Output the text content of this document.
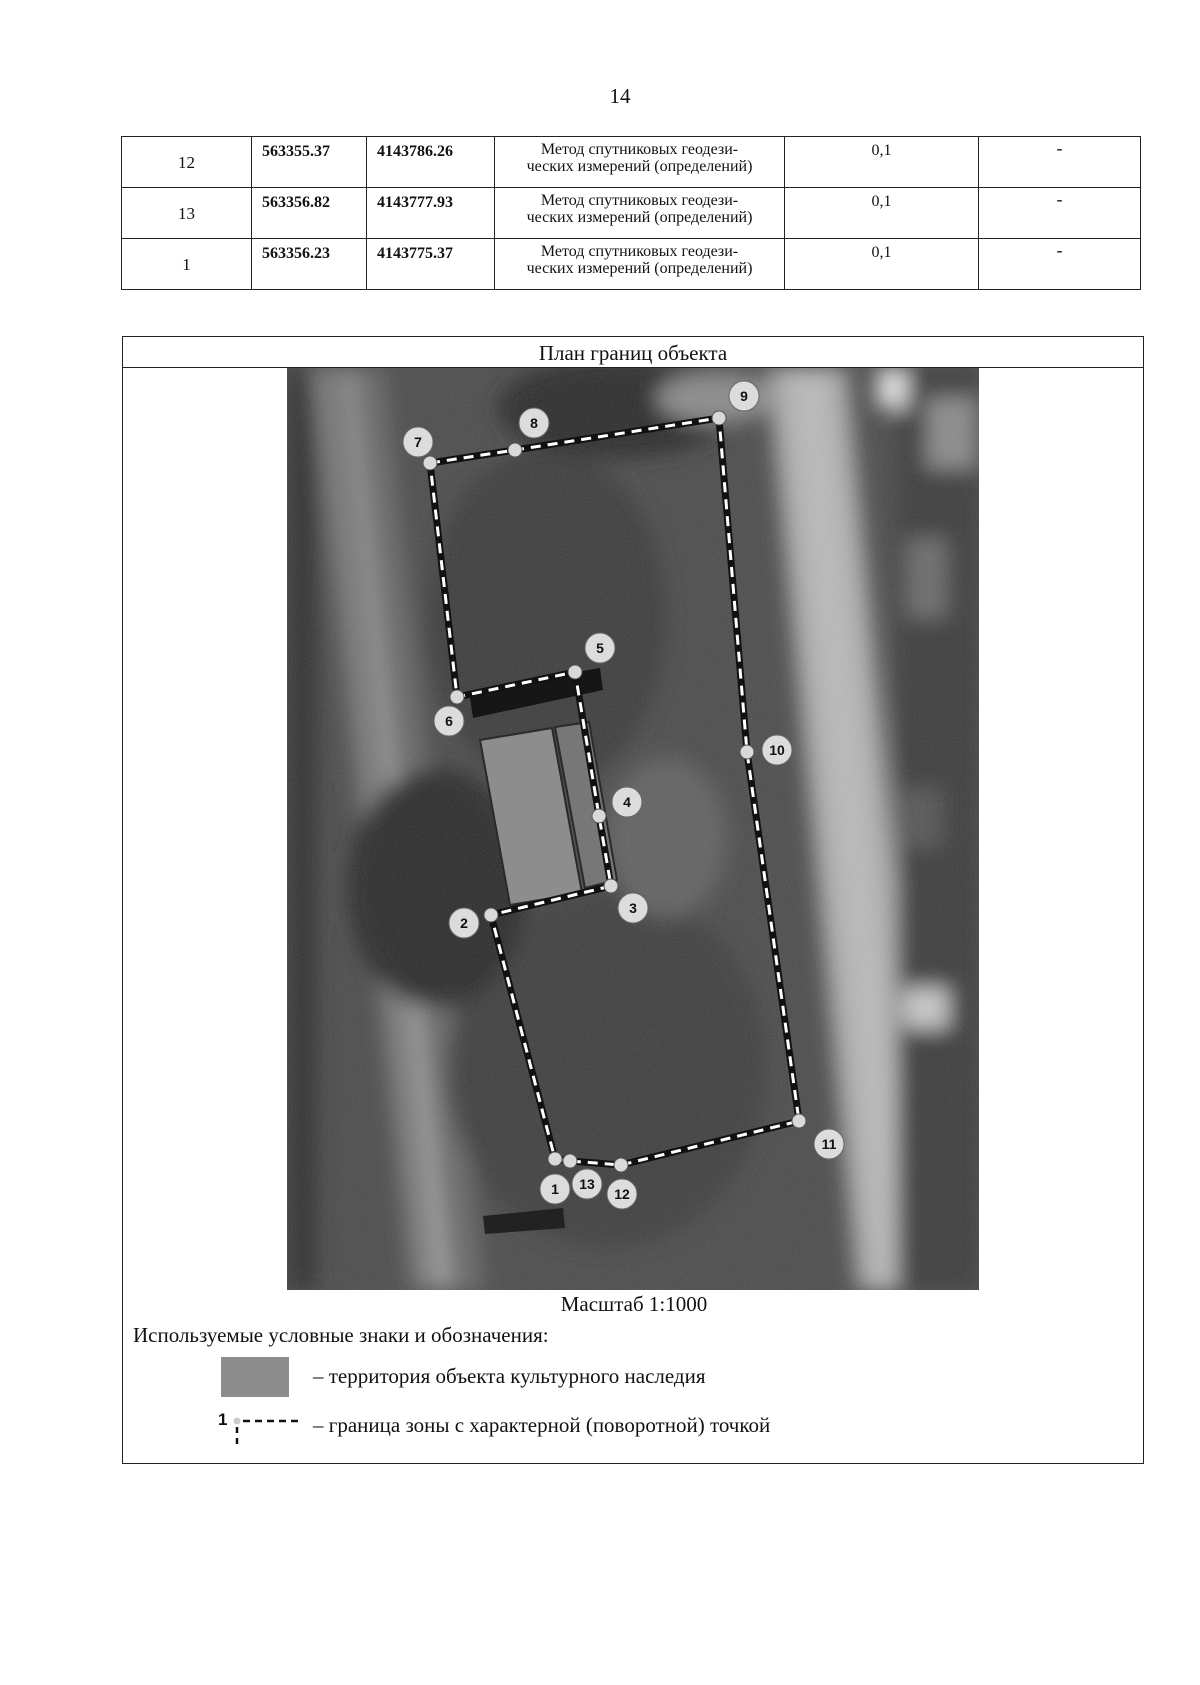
14
12	563355.37	4143786.26	Метод спутниковых геодези-
ческих измерений (определений)	0,1	-
13	563356.82	4143777.93	Метод спутниковых геодези-
ческих измерений (определений)	0,1	-
1	563356.23	4143775.37	Метод спутниковых геодези-
ческих измерений (определений)	0,1	-
План границ объекта
1
2
3
4
5
6
7
8
9
10
11
12
13
Масштаб 1:1000
Используемые условные знаки и обозначения:
– территория объекта культурного наследия
1	– граница зоны с характерной (поворотной) точкой
